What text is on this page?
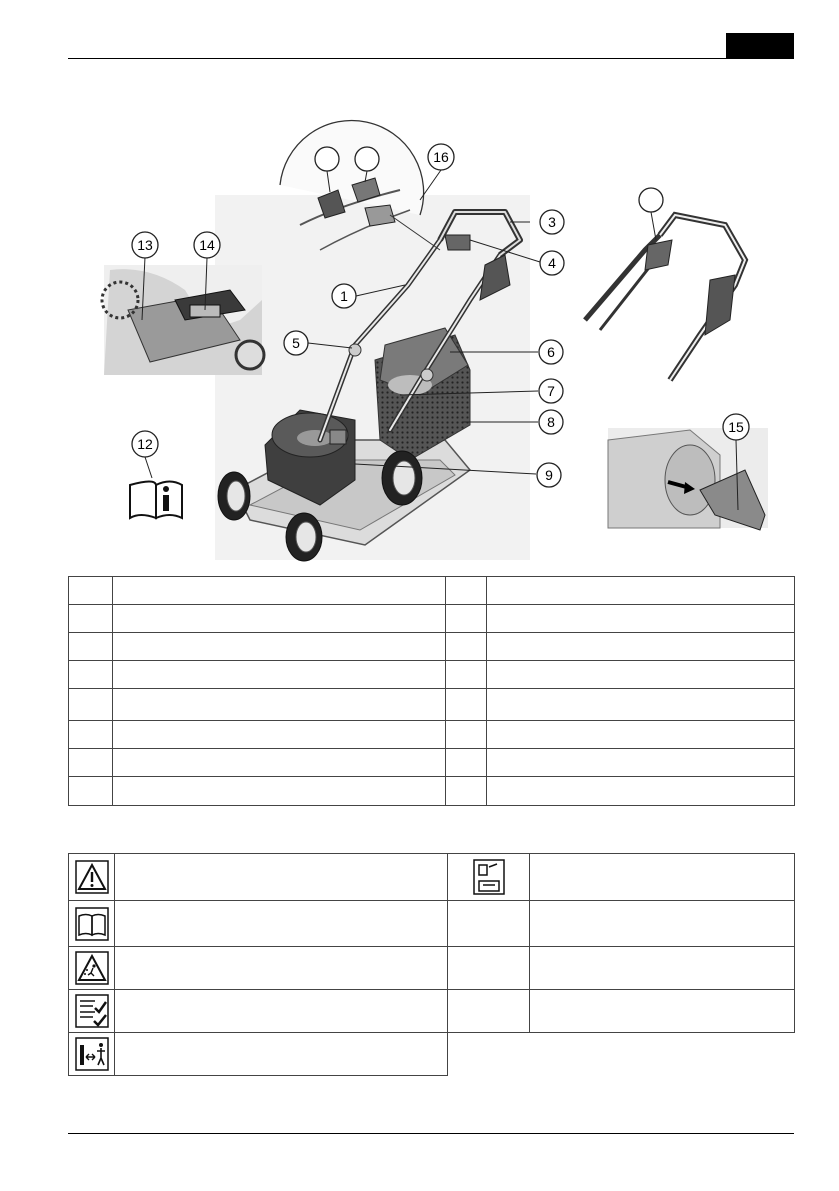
1
3
4
5
6
7
8
9
12
13	14
15
16
